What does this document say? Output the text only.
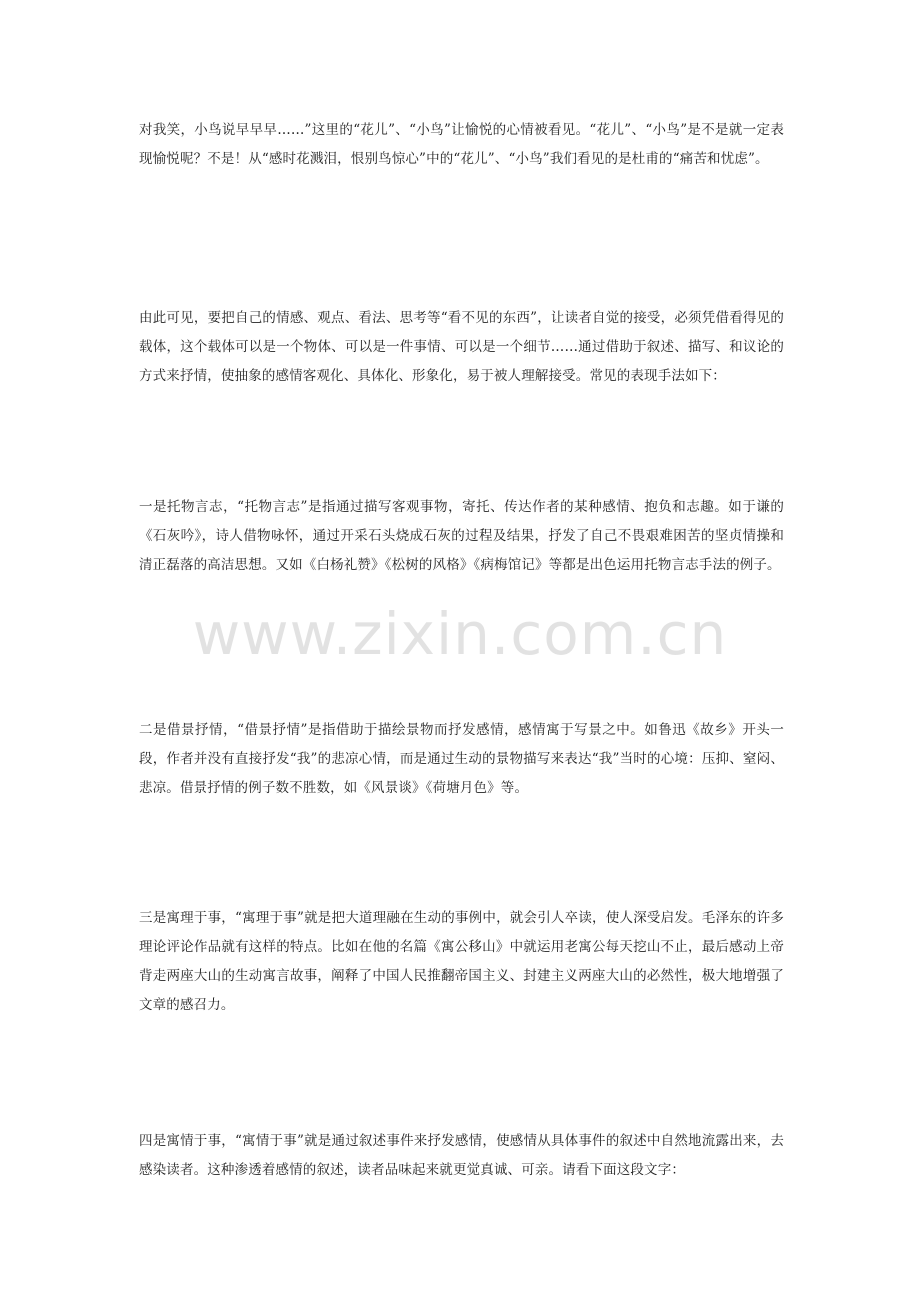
对我笑，小鸟说早早早……”这里的“花儿”、“小鸟”让愉悦的心情被看见。“花儿”、“小鸟”是不是就一定表现愉悦呢？不是！从“感时花溅泪，恨别鸟惊心”中的“花儿”、“小鸟”我们看见的是杜甫的“痛苦和忧虑”。

由此可见，要把自己的情感、观点、看法、思考等“看不见的东西”，让读者自觉的接受，必须凭借看得见的载体，这个载体可以是一个物体、可以是一件事情、可以是一个细节……通过借助于叙述、描写、和议论的方式来抒情，使抽象的感情客观化、具体化、形象化，易于被人理解接受。常见的表现手法如下：

一是托物言志，“托物言志”是指通过描写客观事物，寄托、传达作者的某种感情、抱负和志趣。如于谦的《石灰吟》，诗人借物咏怀，通过开采石头烧成石灰的过程及结果，抒发了自己不畏艰难困苦的坚贞情操和清正磊落的高洁思想。又如《白杨礼赞》《松树的风格》《病梅馆记》等都是出色运用托物言志手法的例子。

二是借景抒情，“借景抒情”是指借助于描绘景物而抒发感情，感情寓于写景之中。如鲁迅《故乡》开头一段，作者并没有直接抒发“我”的悲凉心情，而是通过生动的景物描写来表达“我”当时的心境：压抑、窒闷、悲凉。借景抒情的例子数不胜数，如《风景谈》《荷塘月色》等。

三是寓理于事，“寓理于事”就是把大道理融在生动的事例中，就会引人卒读，使人深受启发。毛泽东的许多理论评论作品就有这样的特点。比如在他的名篇《寓公移山》中就运用老寓公每天挖山不止，最后感动上帝背走两座大山的生动寓言故事，阐释了中国人民推翻帝国主义、封建主义两座大山的必然性，极大地增强了文章的感召力。

四是寓情于事，“寓情于事”就是通过叙述事件来抒发感情，使感情从具体事件的叙述中自然地流露出来，去感染读者。这种渗透着感情的叙述，读者品味起来就更觉真诚、可亲。请看下面这段文字：

www.zixin.com.cn
